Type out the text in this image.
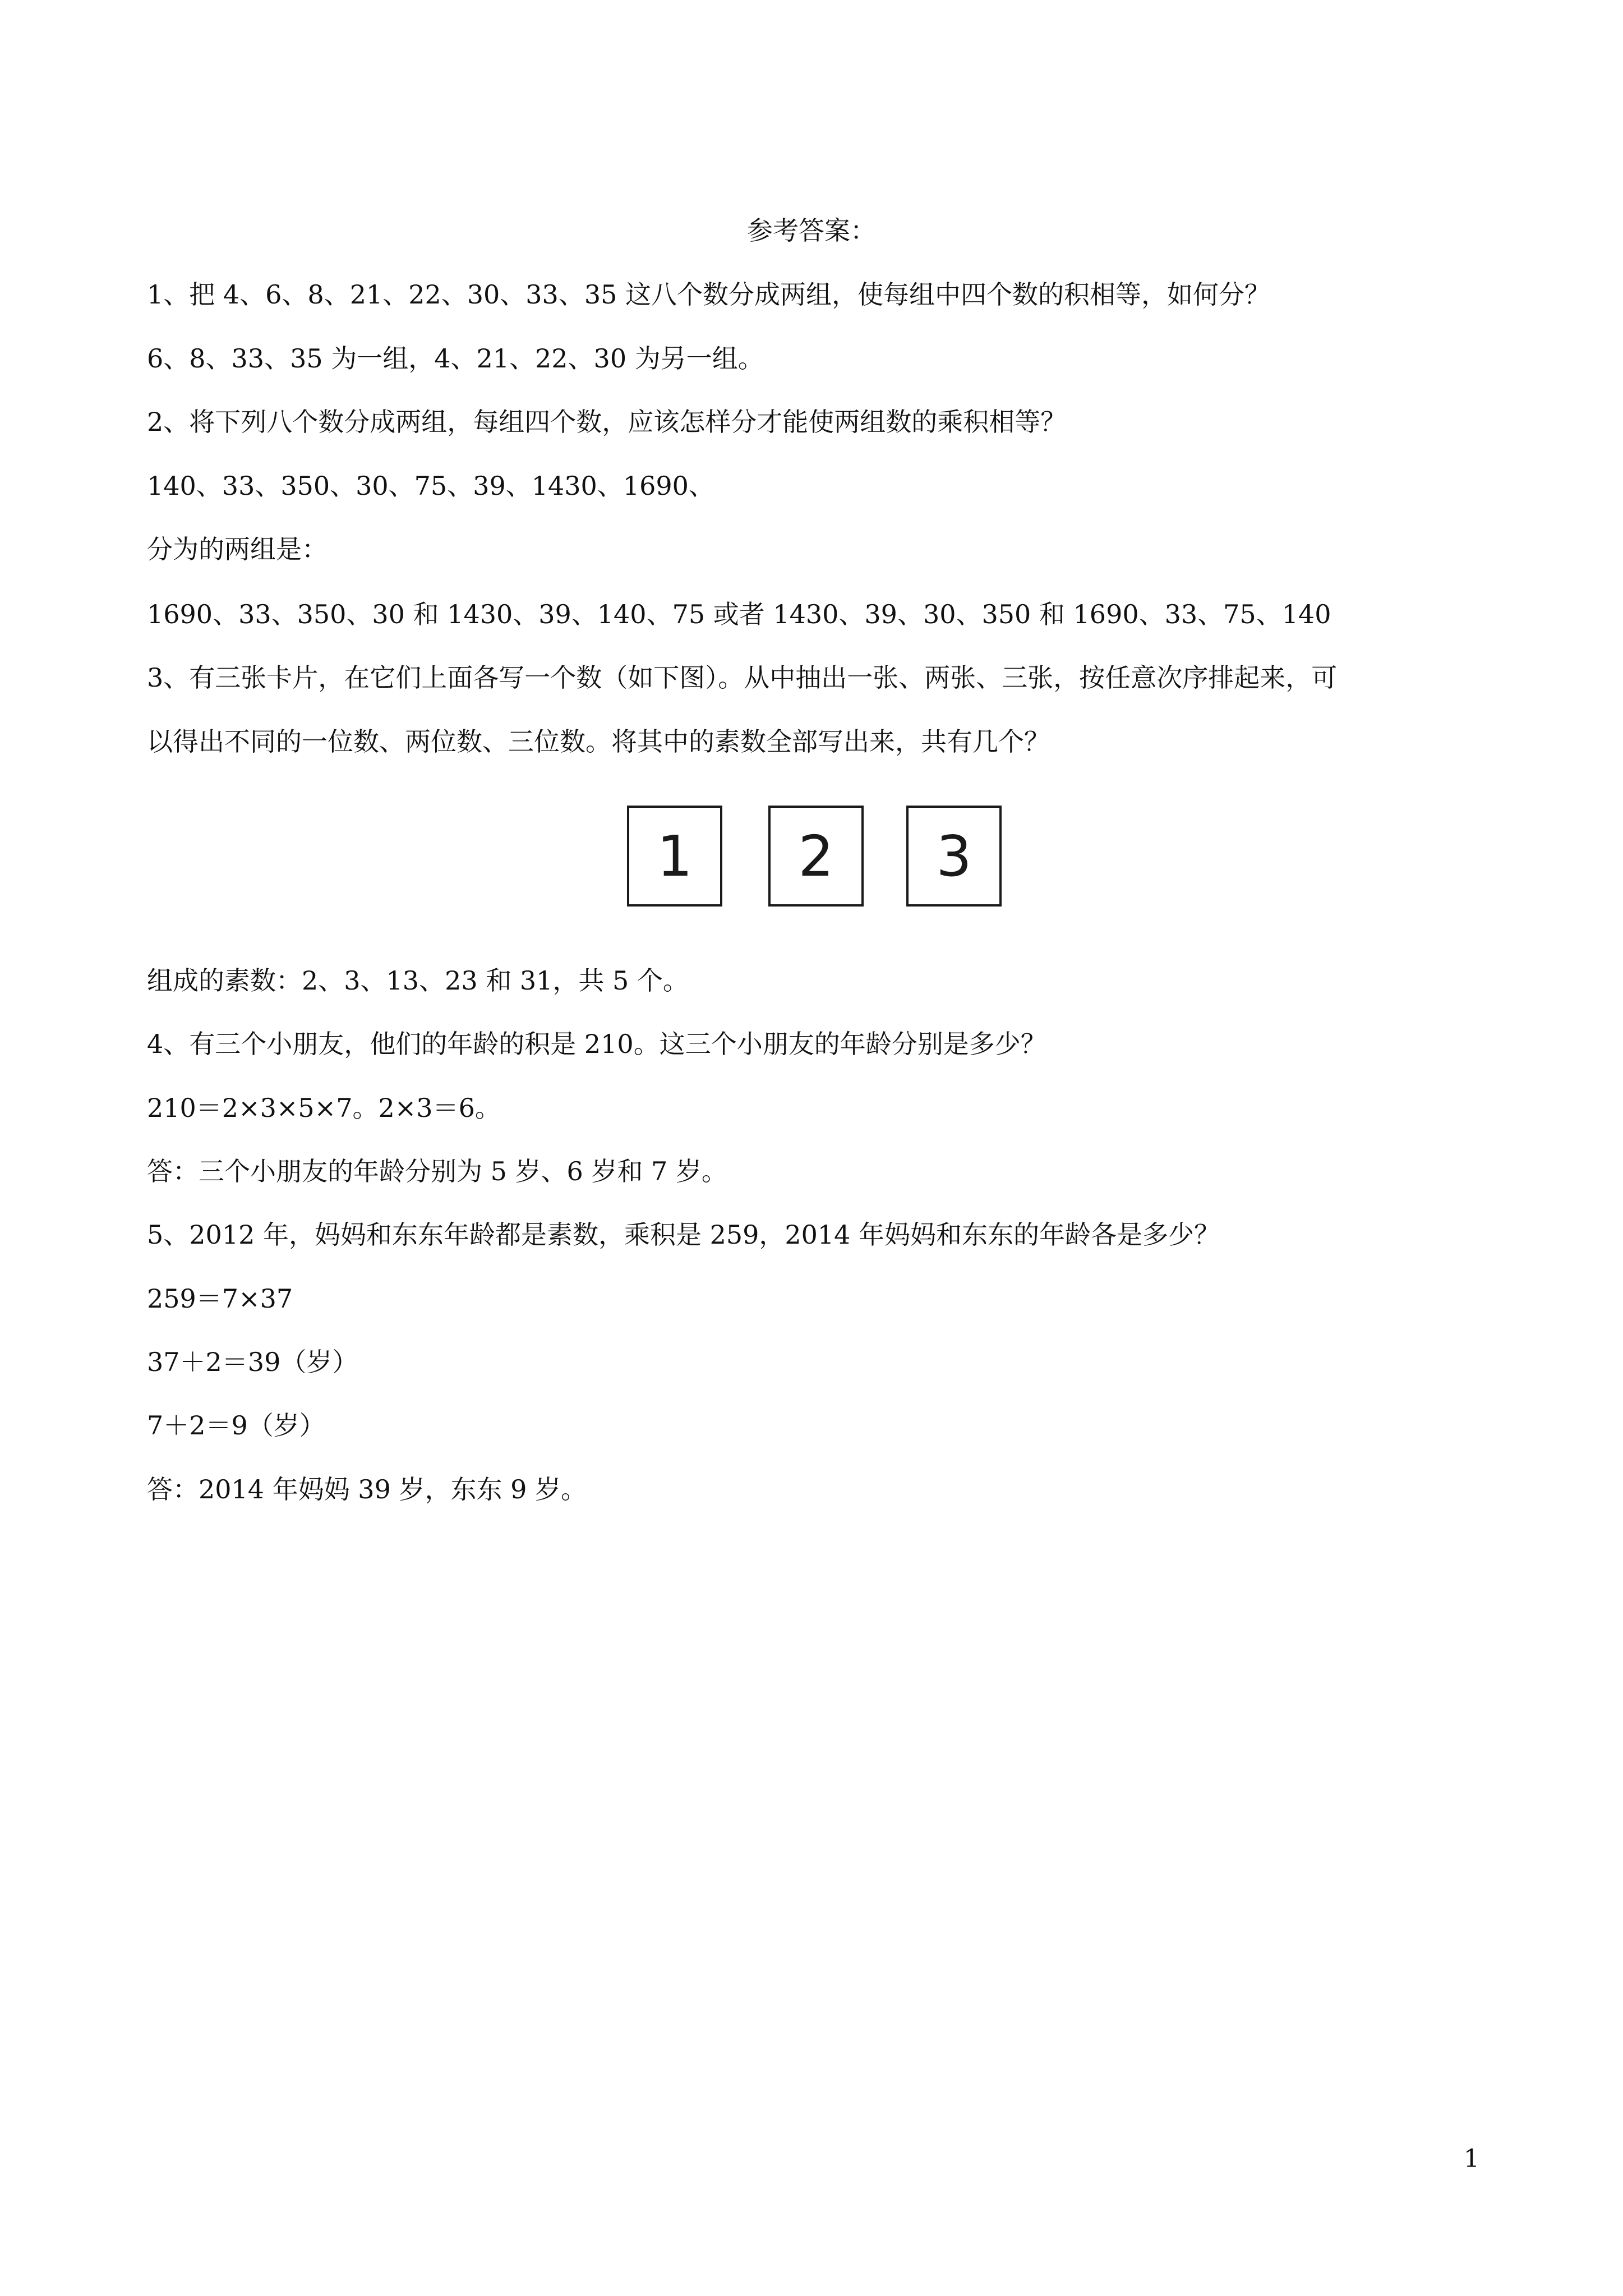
参考答案：
1、把 4、6、8、21、22、30、33、35 这八个数分成两组，使每组中四个数的积相等，如何分？
6、8、33、35 为一组，4、21、22、30 为另一组。
2、将下列八个数分成两组，每组四个数，应该怎样分才能使两组数的乘积相等？
140、33、350、30、75、39、1430、1690、
分为的两组是：
1690、33、350、30 和 1430、39、140、75 或者 1430、39、30、350 和 1690、33、75、140
3、有三张卡片，在它们上面各写一个数（如下图）。从中抽出一张、两张、三张，按任意次序排起来，可
以得出不同的一位数、两位数、三位数。将其中的素数全部写出来，共有几个？
1	2	3
组成的素数：2、3、13、23 和 31，共 5 个。
4、有三个小朋友，他们的年龄的积是 210。这三个小朋友的年龄分别是多少？
210＝2×3×5×7。2×3＝6。
答：三个小朋友的年龄分别为 5 岁、6 岁和 7 岁。
5、2012 年，妈妈和东东年龄都是素数，乘积是 259，2014 年妈妈和东东的年龄各是多少？
259＝7×37
37＋2＝39（岁）
7＋2＝9（岁）
答：2014 年妈妈 39 岁，东东 9 岁。
1
